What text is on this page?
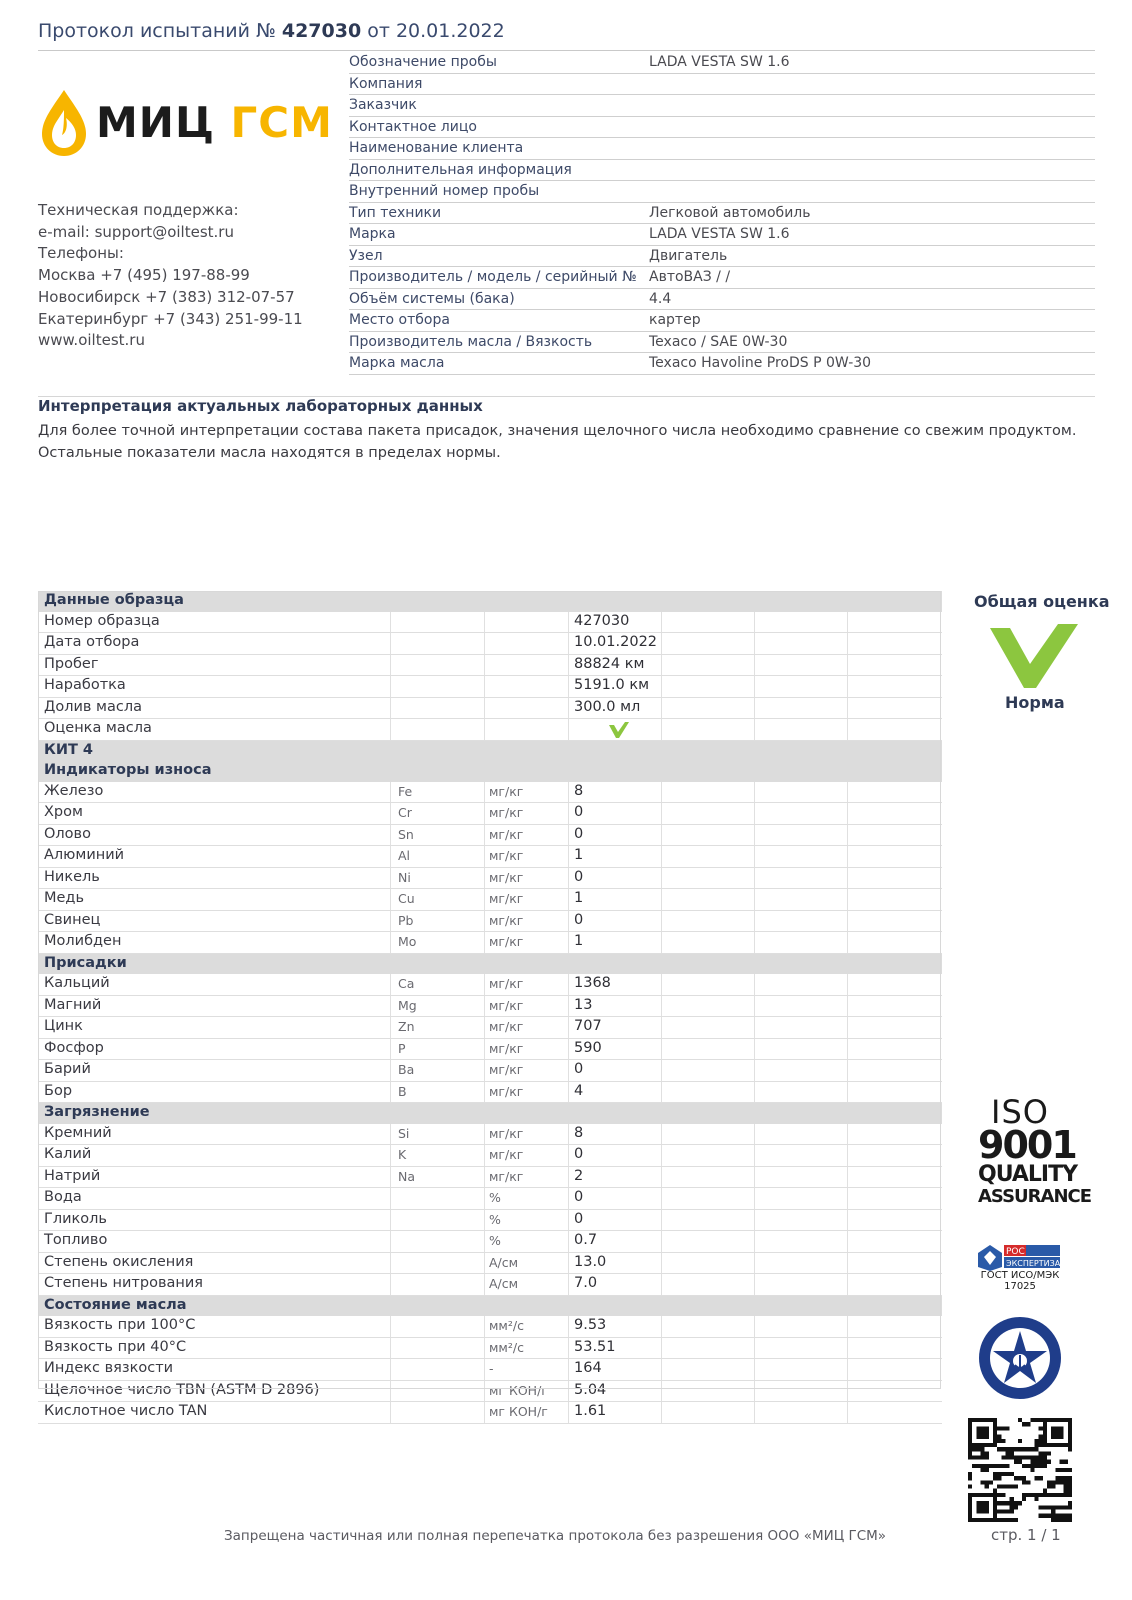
Протокол испытаний № 427030 от 20.01.2022
МИЦ ГСМ
Техническая поддержка:
e-mail: support@oiltest.ru
Телефоны:
Москва +7 (495) 197-88-99
Новосибирск +7 (383) 312-07-57
Екатеринбург +7 (343) 251-99-11
www.oiltest.ru
Обозначение пробы	LADA VESTA SW 1.6
Компания
Заказчик
Контактное лицо
Наименование клиента
Дополнительная информация
Внутренний номер пробы
Тип техники	Легковой автомобиль
Марка	LADA VESTA SW 1.6
Узел	Двигатель
Производитель / модель / серийный № АвтоВАЗ / /
Объём системы (бака)	4.4
Место отбора	картер
Производитель масла / Вязкость	Texaco / SAE 0W-30
Марка масла	Texaco Havoline ProDS P 0W-30
Интерпретация актуальных лабораторных данных
Для более точной интерпретации состава пакета присадок, значения щелочного числа необходимо сравнение со свежим продуктом. Остальные показатели масла находятся в пределах нормы.
Данные образца
Номер образца	427030
Дата отбора	10.01.2022
Пробег	88824 км
Наработка	5191.0 км
Долив масла	300.0 мл
Оценка масла
КИТ 4
Индикаторы износа
Железо	Fe	мг/кг	8
Хром	Cr	мг/кг	0
Олово	Sn	мг/кг	0
Алюминий	Al	мг/кг	1
Никель	Ni	мг/кг	0
Медь	Cu	мг/кг	1
Свинец	Pb	мг/кг	0
Молибден	Mo	мг/кг	1
Присадки
Кальций	Ca	мг/кг	1368
Магний	Mg	мг/кг	13
Цинк	Zn	мг/кг	707
Фосфор	P	мг/кг	590
Барий	Ba	мг/кг	0
Бор	B	мг/кг	4
Загрязнение
Кремний	Si	мг/кг	8
Калий	K	мг/кг	0
Натрий	Na	мг/кг	2
Вода	%	0
Гликоль	%	0
Топливо	%	0.7
Степень окисления	А/см	13.0
Степень нитрования	А/см	7.0
Состояние масла
Вязкость при 100°С	мм²/с	9.53
Вязкость при 40°С	мм²/с	53.51
Индекс вязкости	-	164
Щелочное число TBN (ASTM D 2896)	мг КОН/г 5.04
Кислотное число TAN	мг КОН/г 1.61
Общая оценка
Норма
ISO
9001
QUALITY
ASSURANCE
РОС
ЭКСПЕРТИЗА
ГОСТ ИСО/МЭК 17025
Запрещена частичная или полная перепечатка протокола без разрешения ООО «МИЦ ГСМ»	стр. 1 / 1
